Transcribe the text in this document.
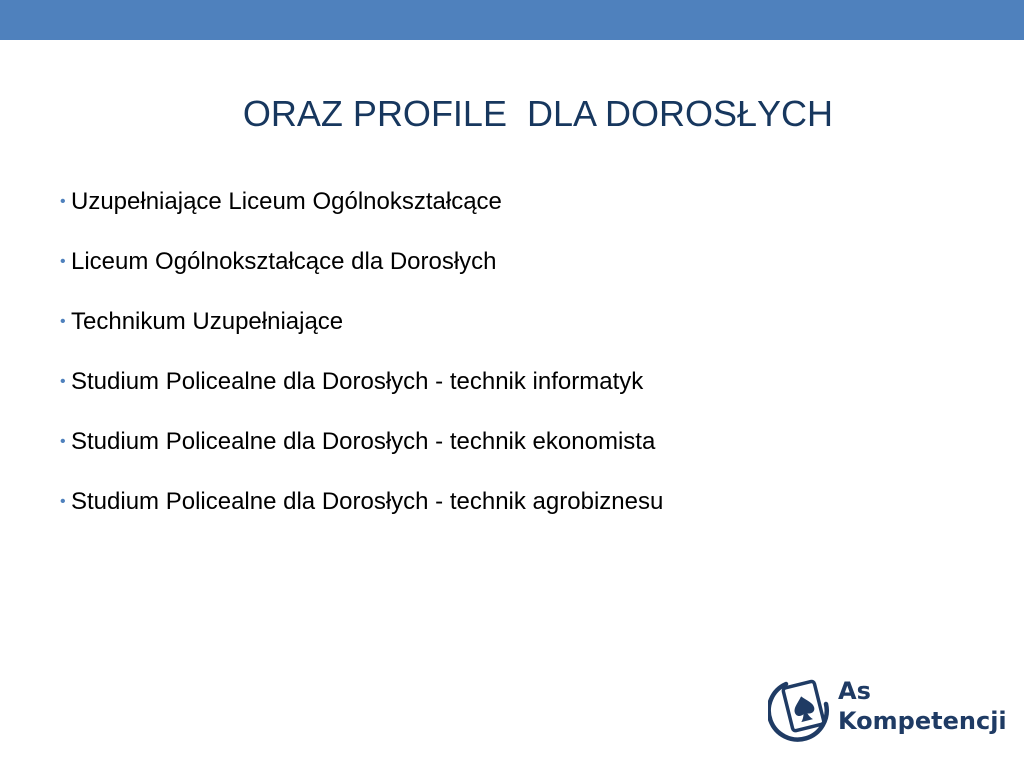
ORAZ PROFILE  DLA DOROSŁYCH
• Uzupełniające Liceum Ogólnokształcące
• Liceum Ogólnokształcące dla Dorosłych
• Technikum Uzupełniające
• Studium Policealne dla Dorosłych - technik informatyk
• Studium Policealne dla Dorosłych - technik ekonomista
• Studium Policealne dla Dorosłych - technik agrobiznesu
As
Kompetencji
